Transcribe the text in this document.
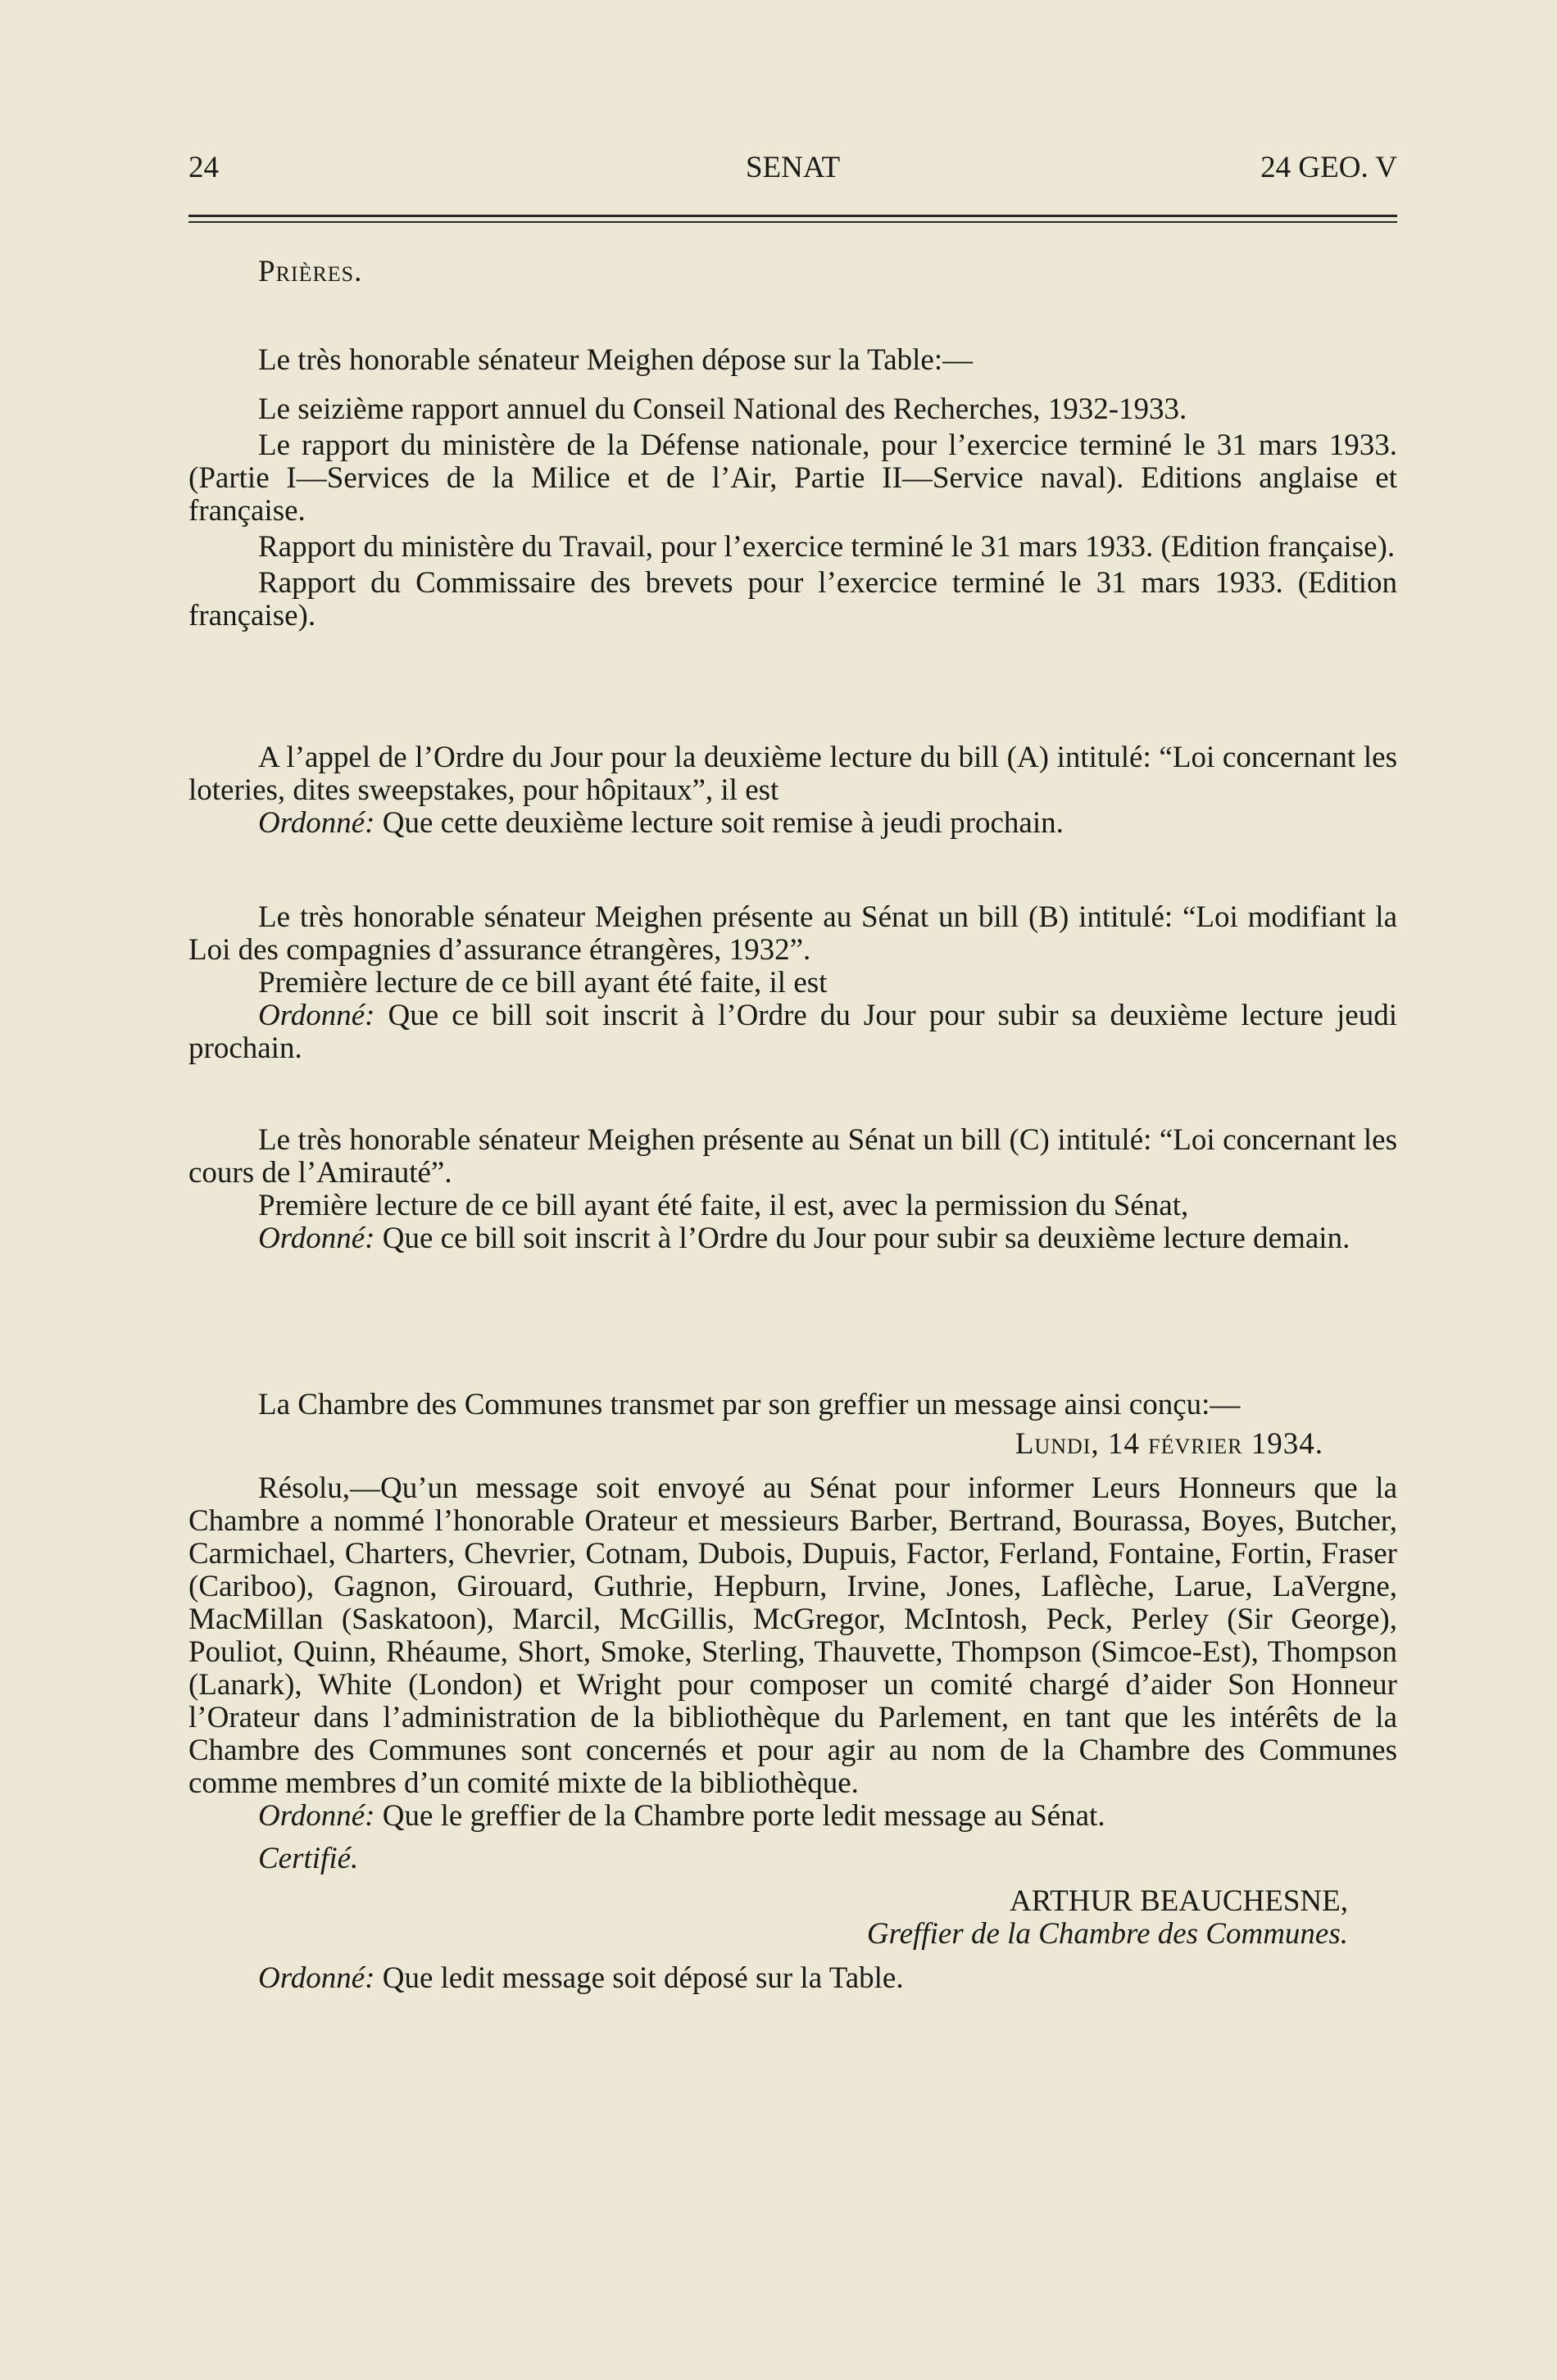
24	SENAT	24 GEO. V

Prières.

Le très honorable sénateur Meighen dépose sur la Table:—

Le seizième rapport annuel du Conseil National des Recherches, 1932-1933.

Le rapport du ministère de la Défense nationale, pour l’exercice terminé le 31 mars 1933. (Partie I—Services de la Milice et de l’Air, Partie II—Service naval). Editions anglaise et française.

Rapport du ministère du Travail, pour l’exercice terminé le 31 mars 1933. (Edition française).

Rapport du Commissaire des brevets pour l’exercice terminé le 31 mars 1933. (Edition française).

A l’appel de l’Ordre du Jour pour la deuxième lecture du bill (A) intitulé: “Loi concernant les loteries, dites sweepstakes, pour hôpitaux”, il est

Ordonné: Que cette deuxième lecture soit remise à jeudi prochain.

Le très honorable sénateur Meighen présente au Sénat un bill (B) intitulé: “Loi modifiant la Loi des compagnies d’assurance étrangères, 1932”.

Première lecture de ce bill ayant été faite, il est

Ordonné: Que ce bill soit inscrit à l’Ordre du Jour pour subir sa deuxième lecture jeudi prochain.

Le très honorable sénateur Meighen présente au Sénat un bill (C) intitulé: “Loi concernant les cours de l’Amirauté”.

Première lecture de ce bill ayant été faite, il est, avec la permission du Sénat,

Ordonné: Que ce bill soit inscrit à l’Ordre du Jour pour subir sa deuxième lecture demain.

La Chambre des Communes transmet par son greffier un message ainsi conçu:—

Lundi, 14 février 1934.

Résolu,—Qu’un message soit envoyé au Sénat pour informer Leurs Honneurs que la Chambre a nommé l’honorable Orateur et messieurs Barber, Bertrand, Bourassa, Boyes, Butcher, Carmichael, Charters, Chevrier, Cotnam, Dubois, Dupuis, Factor, Ferland, Fontaine, Fortin, Fraser (Cariboo), Gagnon, Girouard, Guthrie, Hepburn, Irvine, Jones, Laflèche, Larue, LaVergne, MacMillan (Saskatoon), Marcil, McGillis, McGregor, McIntosh, Peck, Perley (Sir George), Pouliot, Quinn, Rhéaume, Short, Smoke, Sterling, Thauvette, Thompson (Simcoe-Est), Thompson (Lanark), White (London) et Wright pour composer un comité chargé d’aider Son Honneur l’Orateur dans l’administration de la bibliothèque du Parlement, en tant que les intérêts de la Chambre des Communes sont concernés et pour agir au nom de la Chambre des Communes comme membres d’un comité mixte de la bibliothèque.

Ordonné: Que le greffier de la Chambre porte ledit message au Sénat.

Certifié.

ARTHUR BEAUCHESNE,

Greffier de la Chambre des Communes.

Ordonné: Que ledit message soit déposé sur la Table.
